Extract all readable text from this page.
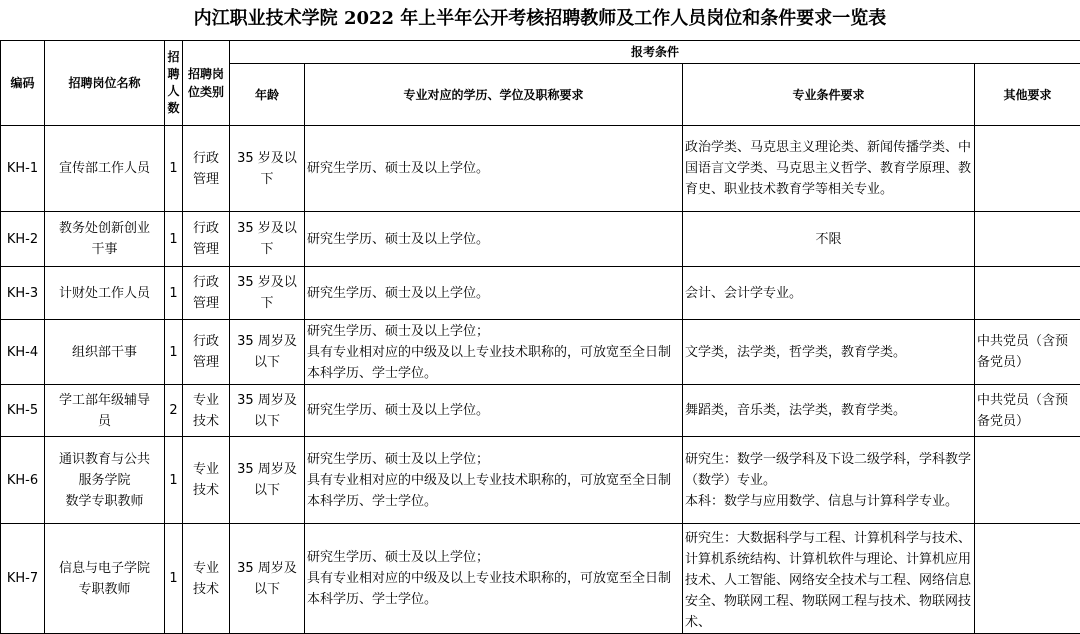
内江职业技术学院 2022 年上半年公开考核招聘教师及工作人员岗位和条件要求一览表
编码	招聘岗位名称	招
聘
人
数	招聘岗
位类别	报考条件			
				年龄	专业对应的学历、学位及职称要求	专业条件要求	其他要求
KH-1	宣传部工作人员	1	行政
管理	35 岁及以
下	研究生学历、硕士及以上学位。	政治学类、马克思主义理论类、新闻传播学类、中国语言文学类、马克思主义哲学、教育学原理、教育史、职业技术教育学等相关专业。	
KH-2	教务处创新创业
干事	1	行政
管理	35 岁及以
下	研究生学历、硕士及以上学位。	不限	
KH-3	计财处工作人员	1	行政
管理	35 岁及以
下	研究生学历、硕士及以上学位。	会计、会计学专业。	
KH-4	组织部干事	1	行政
管理	35 周岁及
以下	研究生学历、硕士及以上学位；
具有专业相对应的中级及以上专业技术职称的，可放宽至全日制本科学历、学士学位。	文学类，法学类，哲学类，教育学类。	中共党员（含预备党员）
KH-5	学工部年级辅导
员	2	专业
技术	35 周岁及
以下	研究生学历、硕士及以上学位。	舞蹈类，音乐类，法学类，教育学类。	中共党员（含预备党员）
KH-6	通识教育与公共
服务学院
数学专职教师	1	专业
技术	35 周岁及
以下	研究生学历、硕士及以上学位；
具有专业相对应的中级及以上专业技术职称的，可放宽至全日制本科学历、学士学位。	研究生：数学一级学科及下设二级学科，学科教学（数学）专业。
本科：数学与应用数学、信息与计算科学专业。	
KH-7	信息与电子学院
专职教师	1	专业
技术	35 周岁及
以下	研究生学历、硕士及以上学位；
具有专业相对应的中级及以上专业技术职称的，可放宽至全日制本科学历、学士学位。	研究生：大数据科学与工程、计算机科学与技术、计算机系统结构、计算机软件与理论、计算机应用技术、人工智能、网络安全技术与工程、网络信息安全、物联网工程、物联网工程与技术、物联网技术、	
